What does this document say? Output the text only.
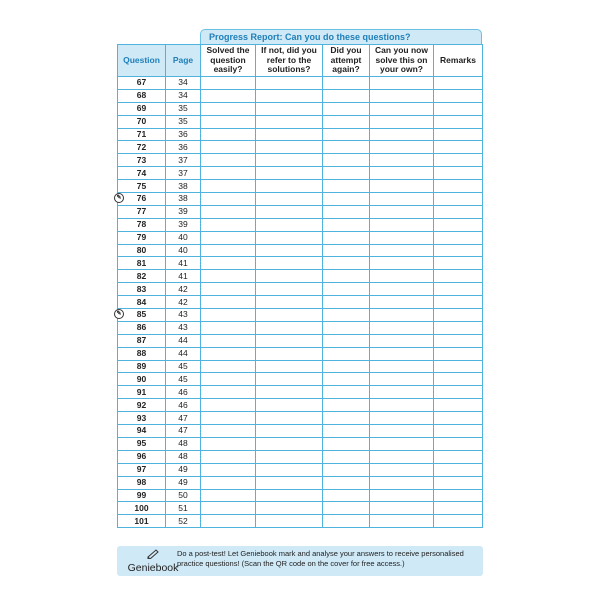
Progress Report: Can you do these questions?
Question	Page	Solved the question easily?	If not, did you refer to the solutions?	Did you attempt again?	Can you now solve this on your own?	Remarks
67	34					
68	34					
69	35					
70	35					
71	36					
72	36					
73	37					
74	37					
75	38					

✎ 76	38					
77	39					
78	39					
79	40					
80	40					
81	41					
82	41					
83	42					
84	42					

✎ 85	43					
86	43					
87	44					
88	44					
89	45					
90	45					
91	46					
92	46					
93	47					
94	47					
95	48					
96	48					
97	49					
98	49					
99	50					
100	51					
101	52					
Geniebook
Do a post-test! Let Geniebook mark and analyse your answers to receive personalised practice questions! (Scan the QR code on the cover for free access.)
